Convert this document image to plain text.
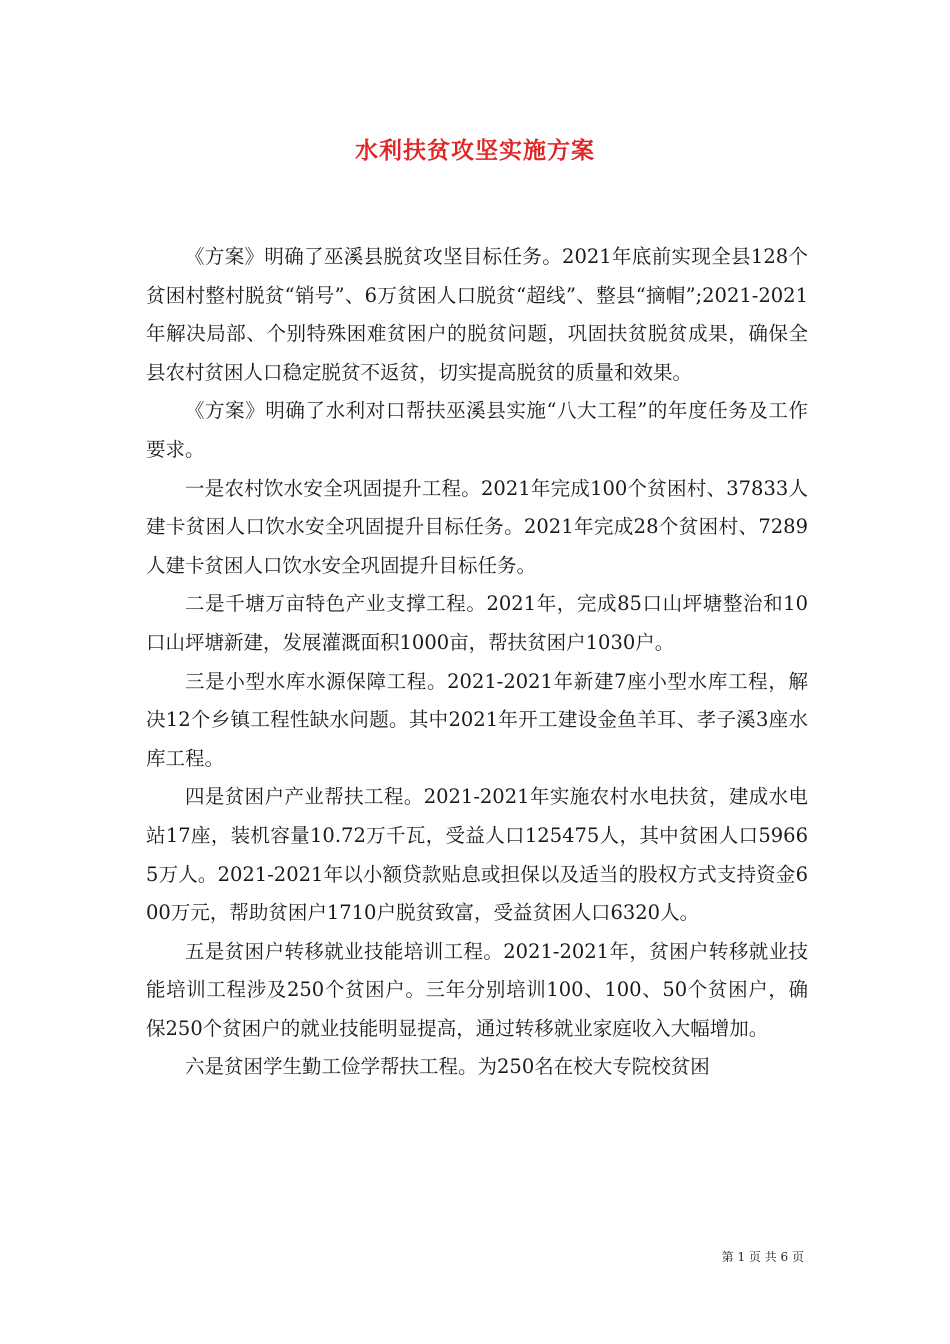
水利扶贫攻坚实施方案

《方案》明确了巫溪县脱贫攻坚目标任务。2021年底前实现全县128个贫困村整村脱贫“销号”、6万贫困人口脱贫“超线”、整县“摘帽”;2021-2021年解决局部、个别特殊困难贫困户的脱贫问题，巩固扶贫脱贫成果，确保全县农村贫困人口稳定脱贫不返贫，切实提高脱贫的质量和效果。

《方案》明确了水利对口帮扶巫溪县实施“八大工程”的年度任务及工作要求。

一是农村饮水安全巩固提升工程。2021年完成100个贫困村、37833人建卡贫困人口饮水安全巩固提升目标任务。2021年完成28个贫困村、7289人建卡贫困人口饮水安全巩固提升目标任务。

二是千塘万亩特色产业支撑工程。2021年，完成85口山坪塘整治和10口山坪塘新建，发展灌溉面积1000亩，帮扶贫困户1030户。

三是小型水库水源保障工程。2021-2021年新建7座小型水库工程，解决12个乡镇工程性缺水问题。其中2021年开工建设金鱼羊耳、孝子溪3座水库工程。

四是贫困户产业帮扶工程。2021-2021年实施农村水电扶贫，建成水电站17座，装机容量10.72万千瓦，受益人口125475人，其中贫困人口59665万人。2021-2021年以小额贷款贴息或担保以及适当的股权方式支持资金600万元，帮助贫困户1710户脱贫致富，受益贫困人口6320人。

五是贫困户转移就业技能培训工程。2021-2021年，贫困户转移就业技能培训工程涉及250个贫困户。三年分别培训100、100、50个贫困户，确保250个贫困户的就业技能明显提高，通过转移就业家庭收入大幅增加。

六是贫困学生勤工俭学帮扶工程。为250名在校大专院校贫困

第 1 页 共 6 页
